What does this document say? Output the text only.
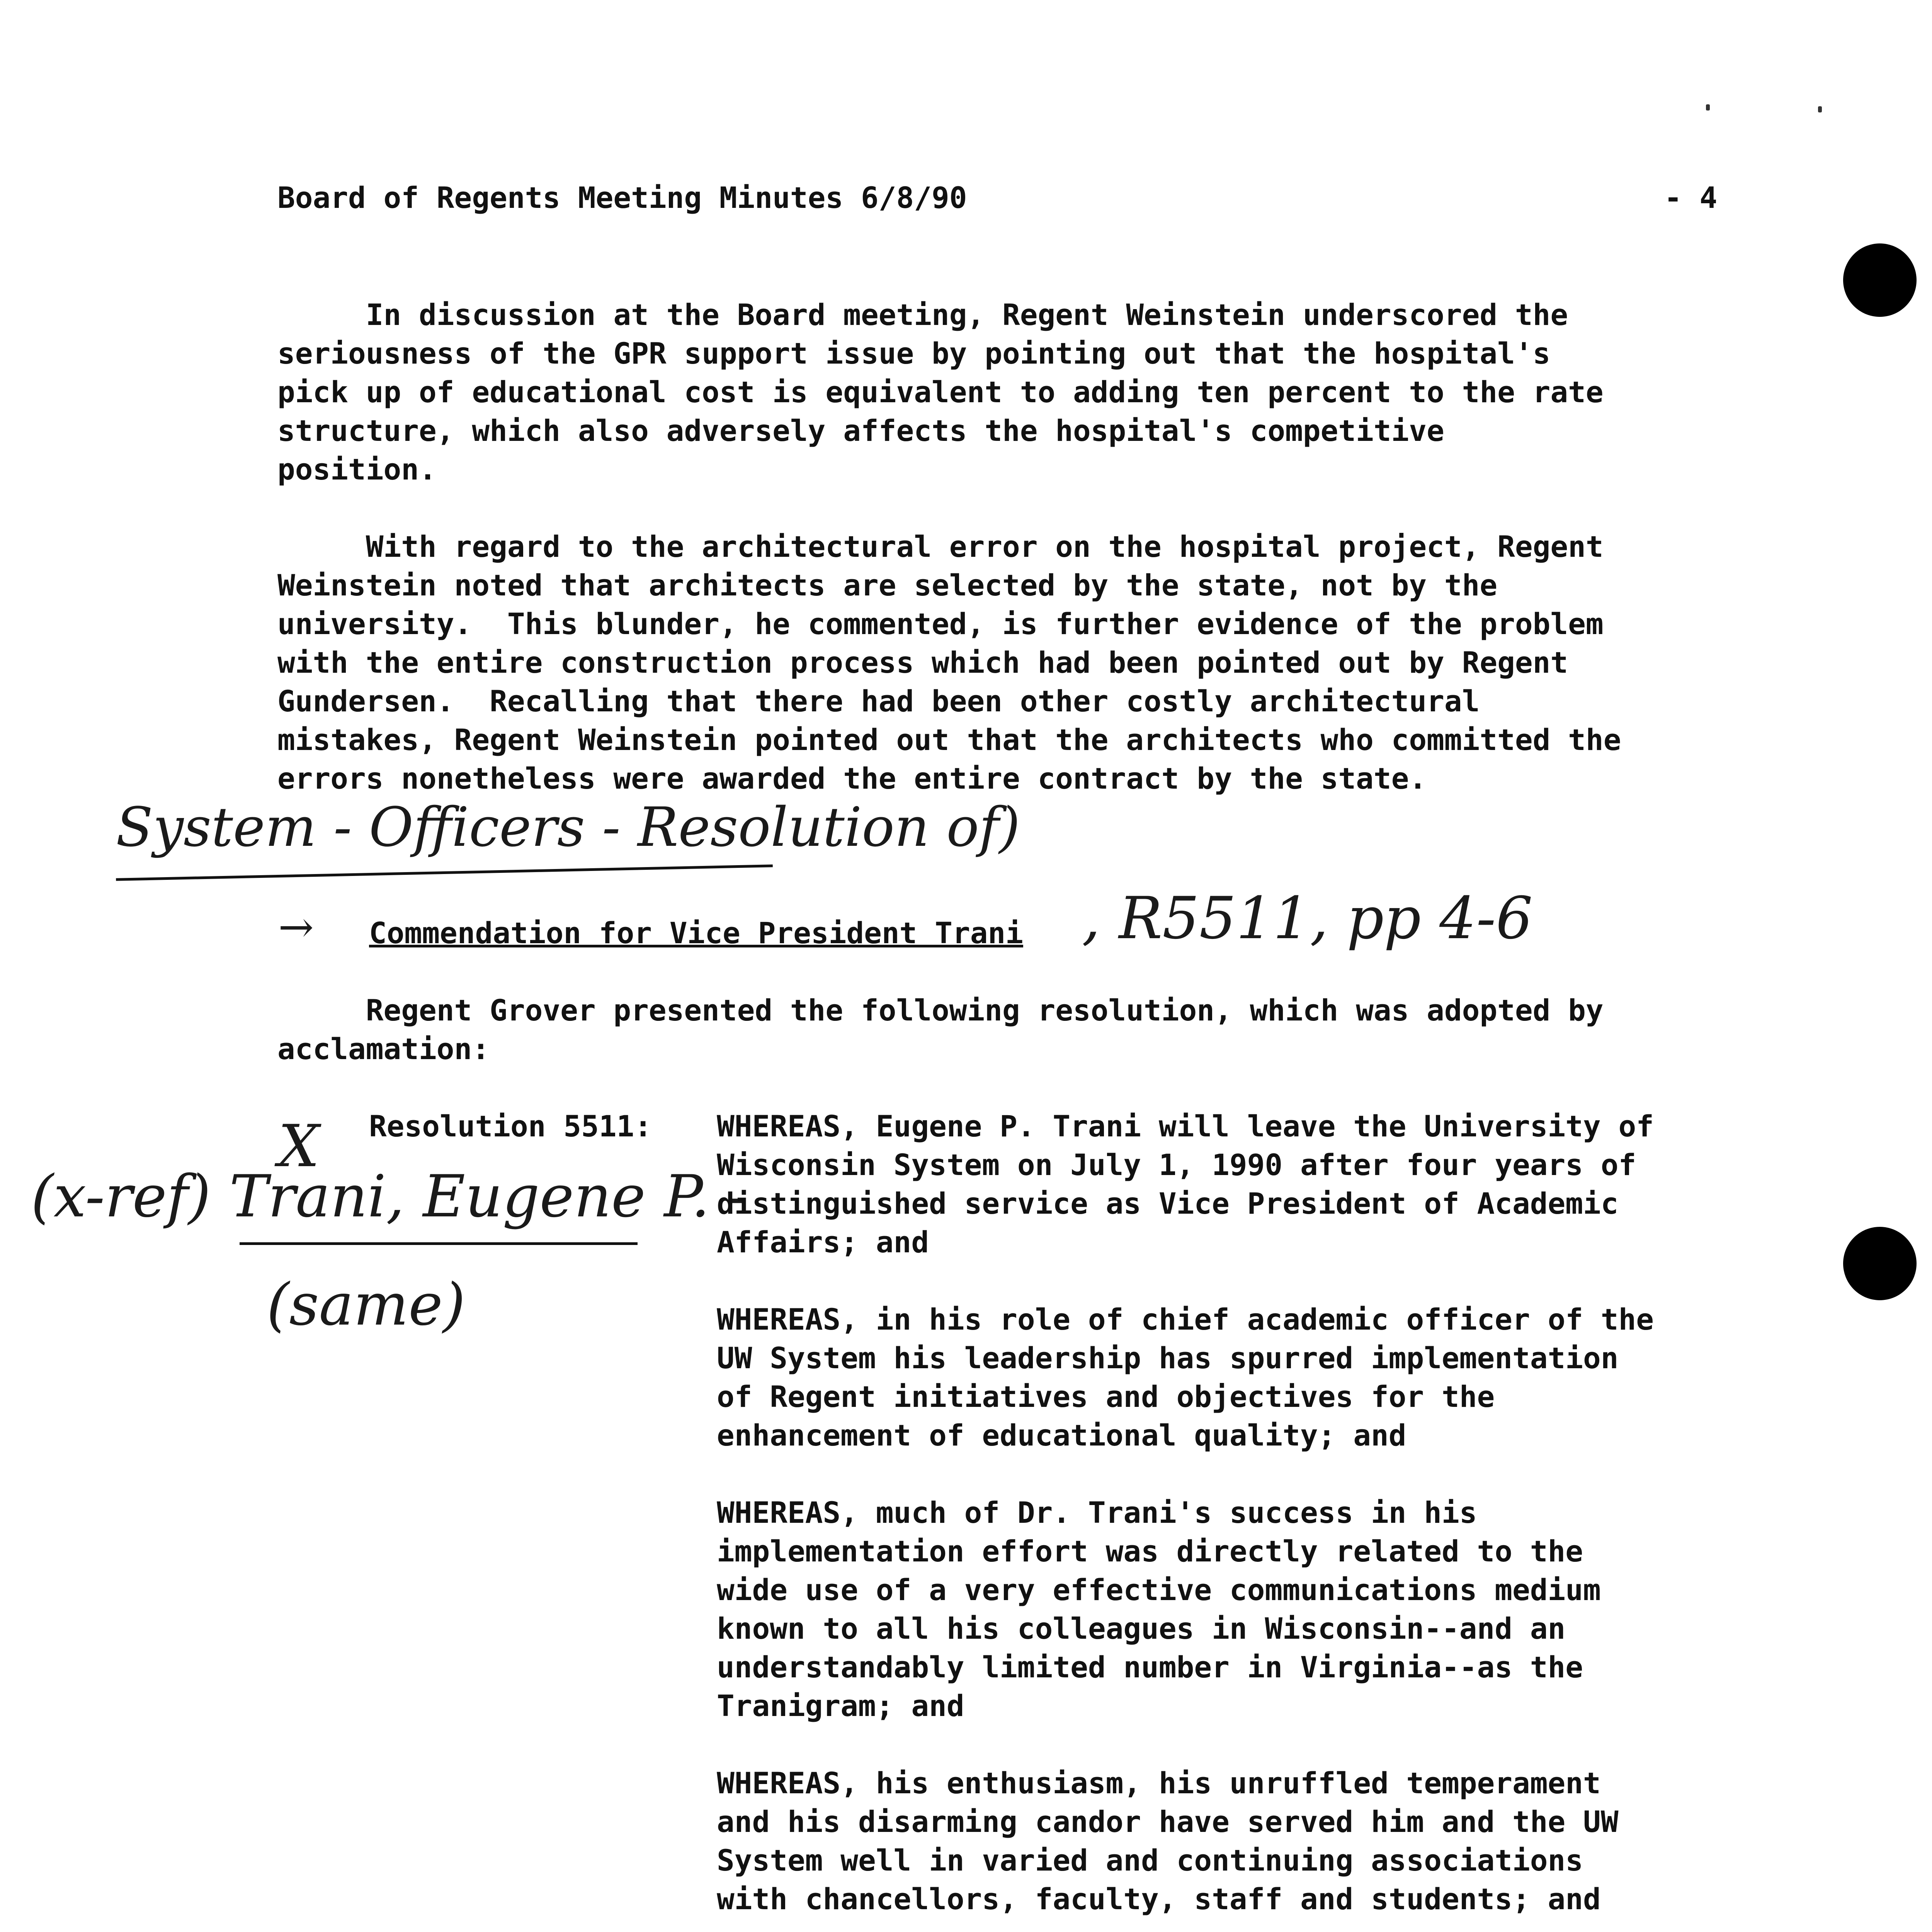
Board of Regents Meeting Minutes 6/8/90	- 4
In discussion at the Board meeting, Regent Weinstein underscored the
seriousness of the GPR support issue by pointing out that the hospital's
pick up of educational cost is equivalent to adding ten percent to the rate
structure, which also adversely affects the hospital's competitive
position.
With regard to the architectural error on the hospital project, Regent
Weinstein noted that architects are selected by the state, not by the
university.  This blunder, he commented, is further evidence of the problem
with the entire construction process which had been pointed out by Regent
Gundersen.  Recalling that there had been other costly architectural
mistakes, Regent Weinstein pointed out that the architects who committed the
errors nonetheless were awarded the entire contract by the state.
System - Officers - Resolution of)
→ Commendation for Vice President Trani , R5511, pp 4-6
Regent Grover presented the following resolution, which was adopted by
acclamation:
X
(x-ref) Trani, Eugene P. -
(same)
Resolution 5511: WHEREAS, Eugene P. Trani will leave the University of
Wisconsin System on July 1, 1990 after four years of
distinguished service as Vice President of Academic
Affairs; and
WHEREAS, in his role of chief academic officer of the
UW System his leadership has spurred implementation
of Regent initiatives and objectives for the
enhancement of educational quality; and
WHEREAS, much of Dr. Trani's success in his
implementation effort was directly related to the
wide use of a very effective communications medium
known to all his colleagues in Wisconsin--and an
understandably limited number in Virginia--as the
Tranigram; and
WHEREAS, his enthusiasm, his unruffled temperament
and his disarming candor have served him and the UW
System well in varied and continuing associations
with chancellors, faculty, staff and students; and
